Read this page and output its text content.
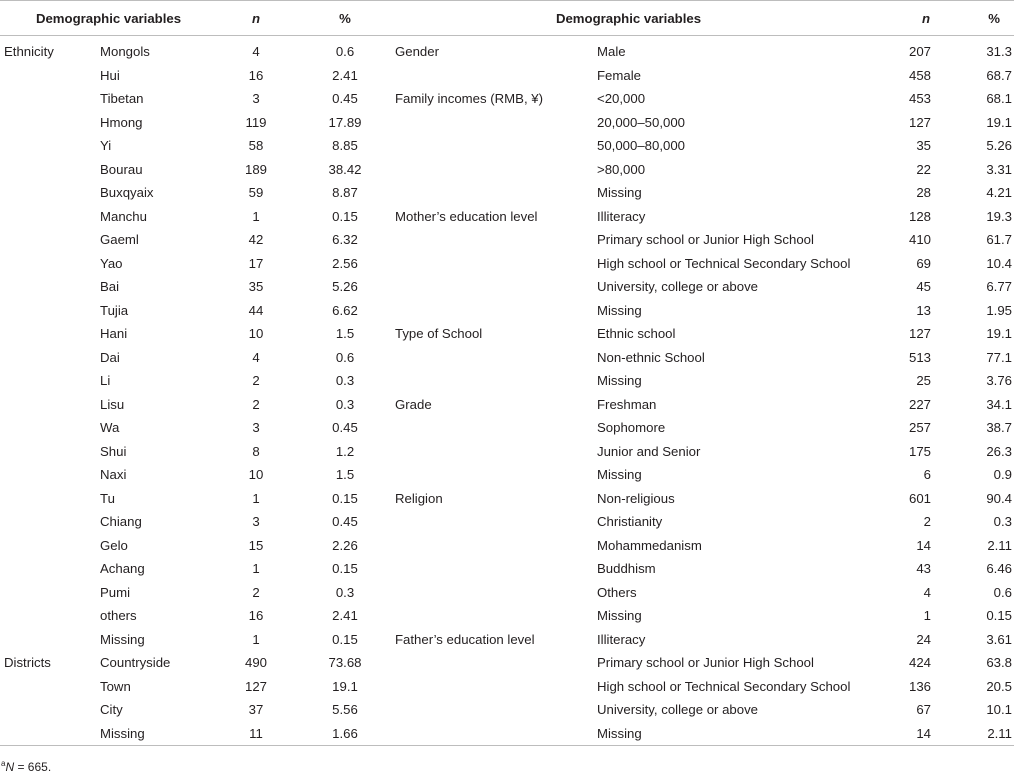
Demographic variables		n	%	Demographic variables		n	%
Ethnicity	Mongols	4	0.6	Gender	Male	207	31.3
	Hui	16	2.41		Female	458	68.7
	Tibetan	3	0.45	Family incomes (RMB, ¥)	<20,000	453	68.1
	Hmong	119	17.89		20,000–50,000	127	19.1
	Yi	58	8.85		50,000–80,000	35	5.26
	Bourau	189	38.42		>80,000	22	3.31
	Buxqyaix	59	8.87		Missing	28	4.21
	Manchu	1	0.15	Mother’s education level	Illiteracy	128	19.3
	Gaeml	42	6.32		Primary school or Junior High School	410	61.7
	Yao	17	2.56		High school or Technical Secondary School	69	10.4
	Bai	35	5.26		University, college or above	45	6.77
	Tujia	44	6.62		Missing	13	1.95
	Hani	10	1.5	Type of School	Ethnic school	127	19.1
	Dai	4	0.6		Non-ethnic School	513	77.1
	Li	2	0.3		Missing	25	3.76
	Lisu	2	0.3	Grade	Freshman	227	34.1
	Wa	3	0.45		Sophomore	257	38.7
	Shui	8	1.2		Junior and Senior	175	26.3
	Naxi	10	1.5		Missing	6	0.9
	Tu	1	0.15	Religion	Non-religious	601	90.4
	Chiang	3	0.45		Christianity	2	0.3
	Gelo	15	2.26		Mohammedanism	14	2.11
	Achang	1	0.15		Buddhism	43	6.46
	Pumi	2	0.3		Others	4	0.6
	others	16	2.41		Missing	1	0.15
	Missing	1	0.15	Father’s education level	Illiteracy	24	3.61
Districts	Countryside	490	73.68		Primary school or Junior High School	424	63.8
	Town	127	19.1		High school or Technical Secondary School	136	20.5
	City	37	5.56		University, college or above	67	10.1
	Missing	11	1.66		Missing	14	2.11
$^a$N = 665.
